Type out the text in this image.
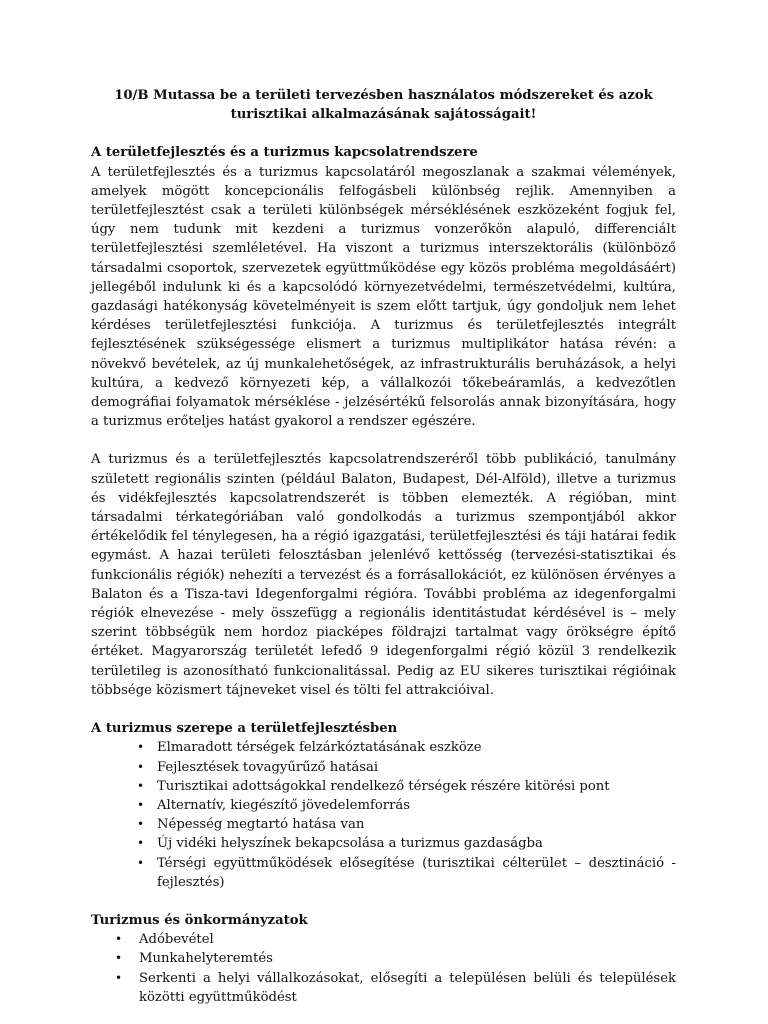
10/B Mutassa be a területi tervezésben használatos módszereket és azok turisztikai alkalmazásának sajátosságait!
A területfejlesztés és a turizmus kapcsolatrendszere

A területfejlesztés és a turizmus kapcsolatáról megoszlanak a szakmai vélemények, amelyek mögött koncepcionális felfogásbeli különbség rejlik. Amennyiben a területfejlesztést csak a területi különbségek mérséklésének eszközeként fogjuk fel, úgy nem tudunk mit kezdeni a turizmus vonzerőkön alapuló, differenciált területfejlesztési szemléletével. Ha viszont a turizmus interszektorális (különböző társadalmi csoportok, szervezetek együttműködése egy közös probléma megoldásáért) jellegéből indulunk ki és a kapcsolódó környezetvédelmi, természetvédelmi, kultúra, gazdasági hatékonyság követelményeit is szem előtt tartjuk, úgy gondoljuk nem lehet kérdéses területfejlesztési funkciója. A turizmus és területfejlesztés integrált fejlesztésének szükségessége elismert a turizmus multiplikátor hatása révén: a növekvő bevételek, az új munkalehetőségek, az infrastrukturális beruházások, a helyi kultúra, a kedvező környezeti kép, a vállalkozói tőkebeáramlás, a kedvezőtlen demográfiai folyamatok mérséklése - jelzésértékű felsorolás annak bizonyítására, hogy a turizmus erőteljes hatást gyakorol a rendszer egészére.

A turizmus és a területfejlesztés kapcsolatrendszeréről több publikáció, tanulmány született regionális szinten (például Balaton, Budapest, Dél-Alföld), illetve a turizmus és vidékfejlesztés kapcsolatrendszerét is többen elemezték. A régióban, mint társadalmi térkategóriában való gondolkodás a turizmus szempontjából akkor értékelődik fel ténylegesen, ha a régió igazgatási, területfejlesztési és táji határai fedik egymást. A hazai területi felosztásban jelenlévő kettősség (tervezési-statisztikai és funkcionális régiók) nehezíti a tervezést és a forrásallokációt, ez különösen érvényes a Balaton és a Tisza-tavi Idegenforgalmi régióra. További probléma az idegenforgalmi régiók elnevezése - mely összefügg a regionális identitástudat kérdésével is – mely szerint többségük nem hordoz piacképes földrajzi tartalmat vagy örökségre építő értéket. Magyarország területét lefedő 9 idegenforgalmi régió közül 3 rendelkezik területileg is azonosítható funkcionalitással. Pedig az EU sikeres turisztikai régióinak többsége közismert tájneveket visel és tölti fel attrakcióival.

A turizmus szerepe a területfejlesztésben
• Elmaradott térségek felzárkóztatásának eszköze
• Fejlesztések tovagyűrűző hatásai
• Turisztikai adottságokkal rendelkező térségek részére kitörési pont
• Alternatív, kiegészítő jövedelemforrás
• Népesség megtartó hatása van
• Új vidéki helyszínek bekapcsolása a turizmus gazdaságba
• Térségi együttműködések elősegítése (turisztikai célterület – desztináció - fejlesztés)
Turizmus és önkormányzatok
• Adóbevétel
• Munkahelyteremtés
• Serkenti a helyi vállalkozásokat, elősegíti a településen belüli és települések közötti együttműködést
